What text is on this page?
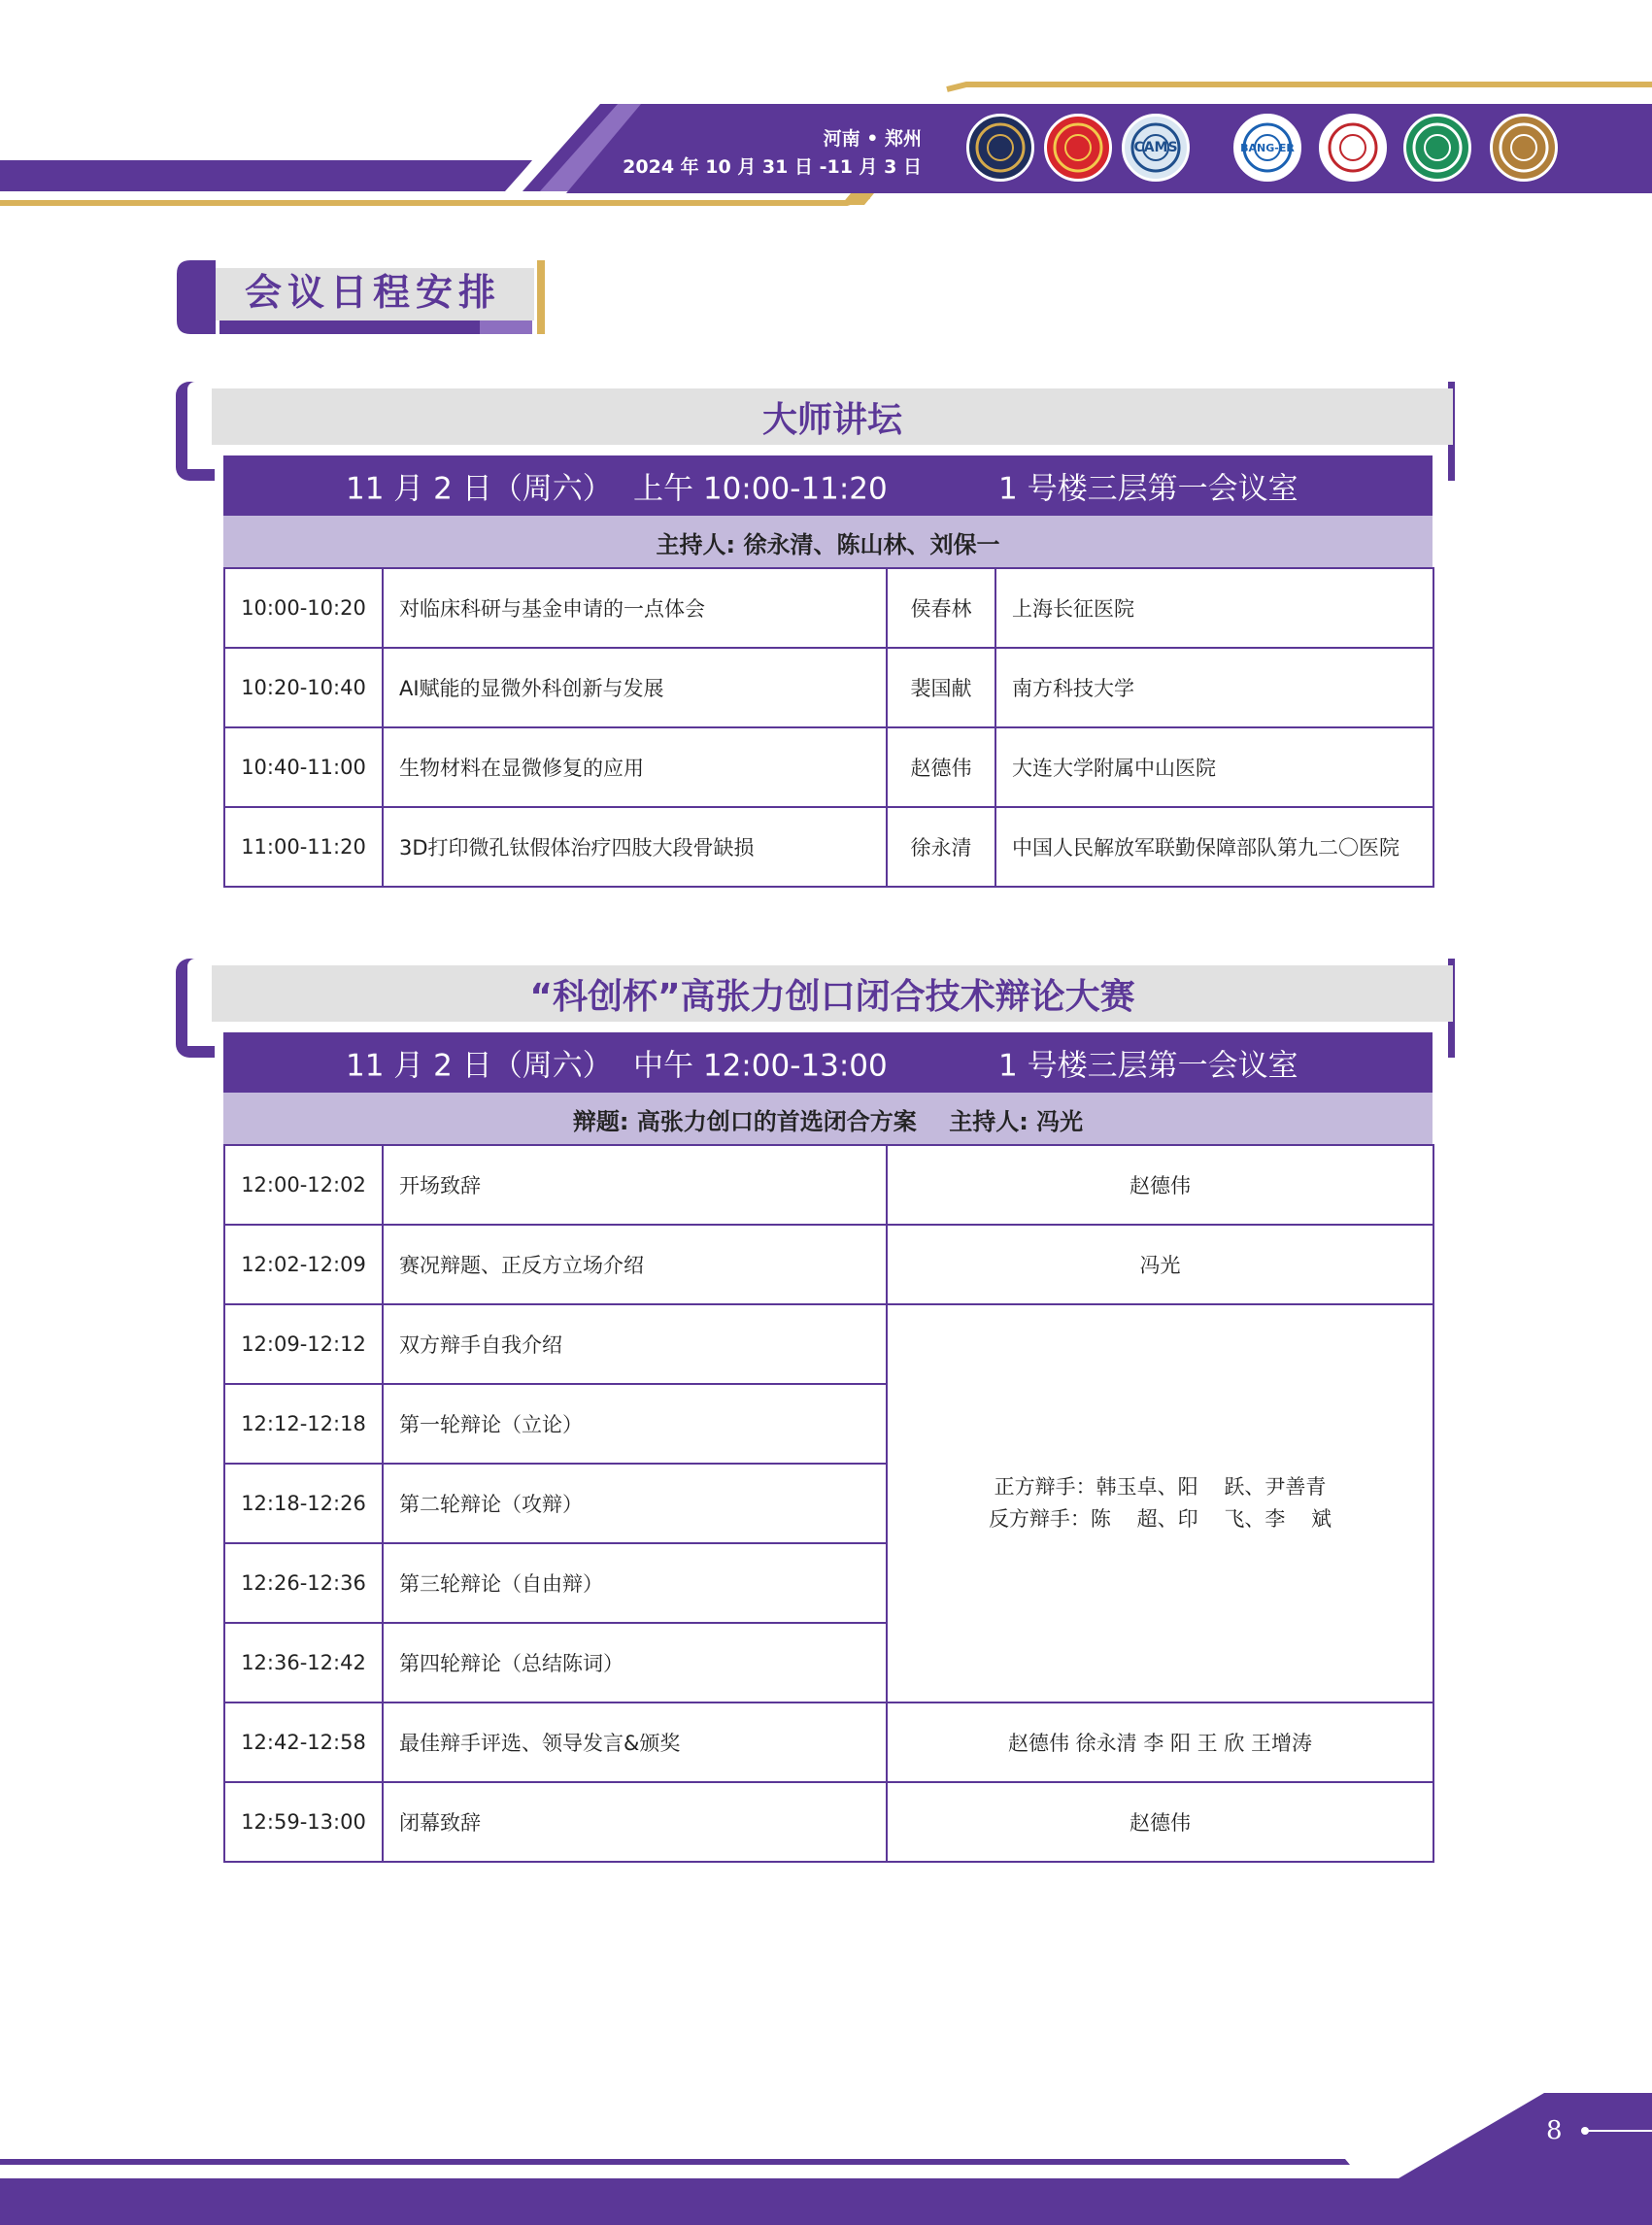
河南 • 郑州
2024 年 10 月 31 日 -11 月 3 日
CAMS	BANG-ER
会议日程安排
大师讲坛
11 月 2 日（周六） 上午 10:00-11:20	1 号楼三层第一会议室
主持人: 徐永清、陈山林、刘保一
10:00-10:20	对临床科研与基金申请的一点体会	侯春林	上海长征医院
10:20-10:40	AI赋能的显微外科创新与发展	裴国献	南方科技大学
10:40-11:00	生物材料在显微修复的应用	赵德伟	大连大学附属中山医院
11:00-11:20	3D打印微孔钛假体治疗四肢大段骨缺损	徐永清	中国人民解放军联勤保障部队第九二〇医院
“科创杯”高张力创口闭合技术辩论大赛
11 月 2 日（周六） 中午 12:00-13:00	1 号楼三层第一会议室
辩题: 高张力创口的首选闭合方案    主持人: 冯光
12:00-12:02	开场致辞	赵德伟
12:02-12:09	赛况辩题、正反方立场介绍	冯光
12:09-12:12	双方辩手自我介绍	正方辩手：韩玉卓、阳    跃、尹善青
反方辩手：陈    超、印    飞、李    斌

12:12-12:18	第一轮辩论（立论）	
12:18-12:26	第二轮辩论（攻辩）	
12:26-12:36	第三轮辩论（自由辩）	
12:36-12:42	第四轮辩论（总结陈词）	
12:42-12:58	最佳辩手评选、领导发言&颁奖	赵德伟 徐永清 李 阳 王 欣 王增涛
12:59-13:00	闭幕致辞	赵德伟
8
